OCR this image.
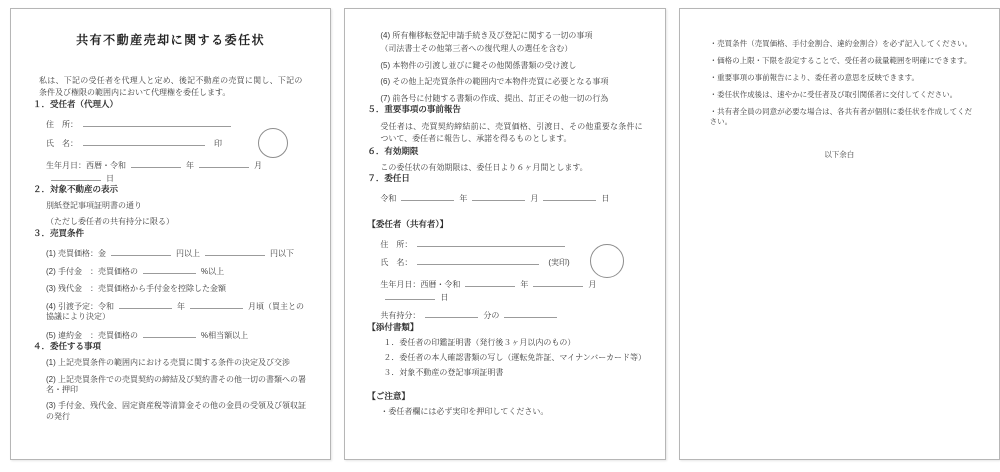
共有不動産売却に関する委任状

私は、下記の受任者を代理人と定め、後記不動産の売買に関し、下記の条件及び権限の範囲内において代理権を委任します。

１．受任者（代理人）
住　所：
氏　名：	印
生年月日：西暦・令和	年	月日
２．対象不動産の表示
別紙登記事項証明書の通り
（ただし委任者の共有持分に限る）
３．売買条件
(1) 売買価格：金	円以上	円以下
(2) 手付金　：売買価格の	%以上
(3) 残代金　：売買価格から手付金を控除した金額
(4) 引渡予定：令和	年	月頃（買主との協議により決定）
(5) 違約金　：売買価格の	%相当額以上
４．委任する事項
(1) 上記売買条件の範囲内における売買に関する条件の決定及び交渉
(2) 上記売買条件での売買契約の締結及び契約書その他一切の書類への署名・押印
(3) 手付金、残代金、固定資産税等清算金その他の金員の受領及び領収証の発行
(4) 所有権移転登記申請手続き及び登記に関する一切の事項
（司法書士その他第三者への復代理人の選任を含む）
(5) 本物件の引渡し並びに鍵その他関係書類の受け渡し
(6) その他上記売買条件の範囲内で本物件売買に必要となる事項
(7) 前各号に付随する書類の作成、提出、訂正その他一切の行為
５．重要事項の事前報告

受任者は、売買契約締結前に、売買価格、引渡日、その他重要な条件について、委任者に報告し、承諾を得るものとします。

６．有効期限
この委任状の有効期限は、委任日より６ヶ月間とします。
７．委任日
令和	年	月	日
【委任者（共有者）】
住　所：
氏　名：	(実印)
生年月日：西暦・令和	年	月日
共有持分：	分の
【添付書類】
１．委任者の印鑑証明書（発行後３ヶ月以内のもの）
２．委任者の本人確認書類の写し（運転免許証、マイナンバーカード等）
３．対象不動産の登記事項証明書
【ご注意】
・委任者欄には必ず実印を押印してください。
・売買条件（売買価格、手付金割合、違約金割合）を必ず記入してください。
・価格の上限・下限を設定することで、受任者の裁量範囲を明確にできます。
・重要事項の事前報告により、委任者の意思を反映できます。
・委任状作成後は、速やかに受任者及び取引関係者に交付してください。
・共有者全員の同意が必要な場合は、各共有者が個別に委任状を作成してください。
以下余白
